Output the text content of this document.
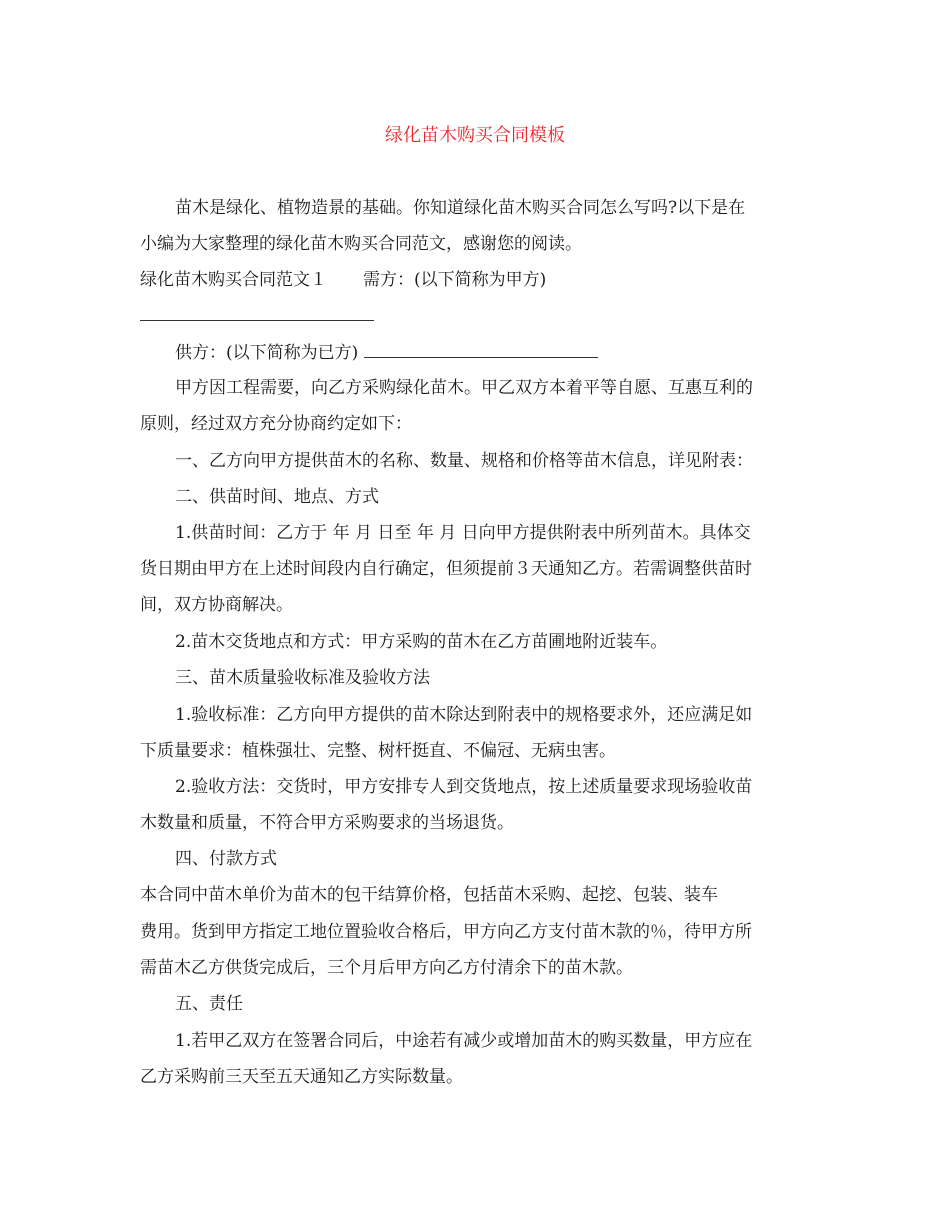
绿化苗木购买合同模板

苗木是绿化、植物造景的基础。你知道绿化苗木购买合同怎么写吗?以下是在

小编为大家整理的绿化苗木购买合同范文，感谢您的阅读。

绿化苗木购买合同范文１ 需方：(以下简称为甲方)

供方：(以下简称为已方)

甲方因工程需要，向乙方采购绿化苗木。甲乙双方本着平等自愿、互惠互利的

原则，经过双方充分协商约定如下：

一、乙方向甲方提供苗木的名称、数量、规格和价格等苗木信息，详见附表：

二、供苗时间、地点、方式

1.供苗时间：乙方于 年 月 日至 年 月 日向甲方提供附表中所列苗木。具体交

货日期由甲方在上述时间段内自行确定，但须提前３天通知乙方。若需调整供苗时

间，双方协商解决。

2.苗木交货地点和方式：甲方采购的苗木在乙方苗圃地附近装车。

三、苗木质量验收标准及验收方法

1.验收标准：乙方向甲方提供的苗木除达到附表中的规格要求外，还应满足如

下质量要求：植株强壮、完整、树杆挺直、不偏冠、无病虫害。

2.验收方法：交货时，甲方安排专人到交货地点，按上述质量要求现场验收苗

木数量和质量，不符合甲方采购要求的当场退货。

四、付款方式

本合同中苗木单价为苗木的包干结算价格，包括苗木采购、起挖、包装、装车

费用。货到甲方指定工地位置验收合格后，甲方向乙方支付苗木款的％，待甲方所

需苗木乙方供货完成后，三个月后甲方向乙方付清余下的苗木款。

五、责任

1.若甲乙双方在签署合同后，中途若有减少或增加苗木的购买数量，甲方应在

乙方采购前三天至五天通知乙方实际数量。
